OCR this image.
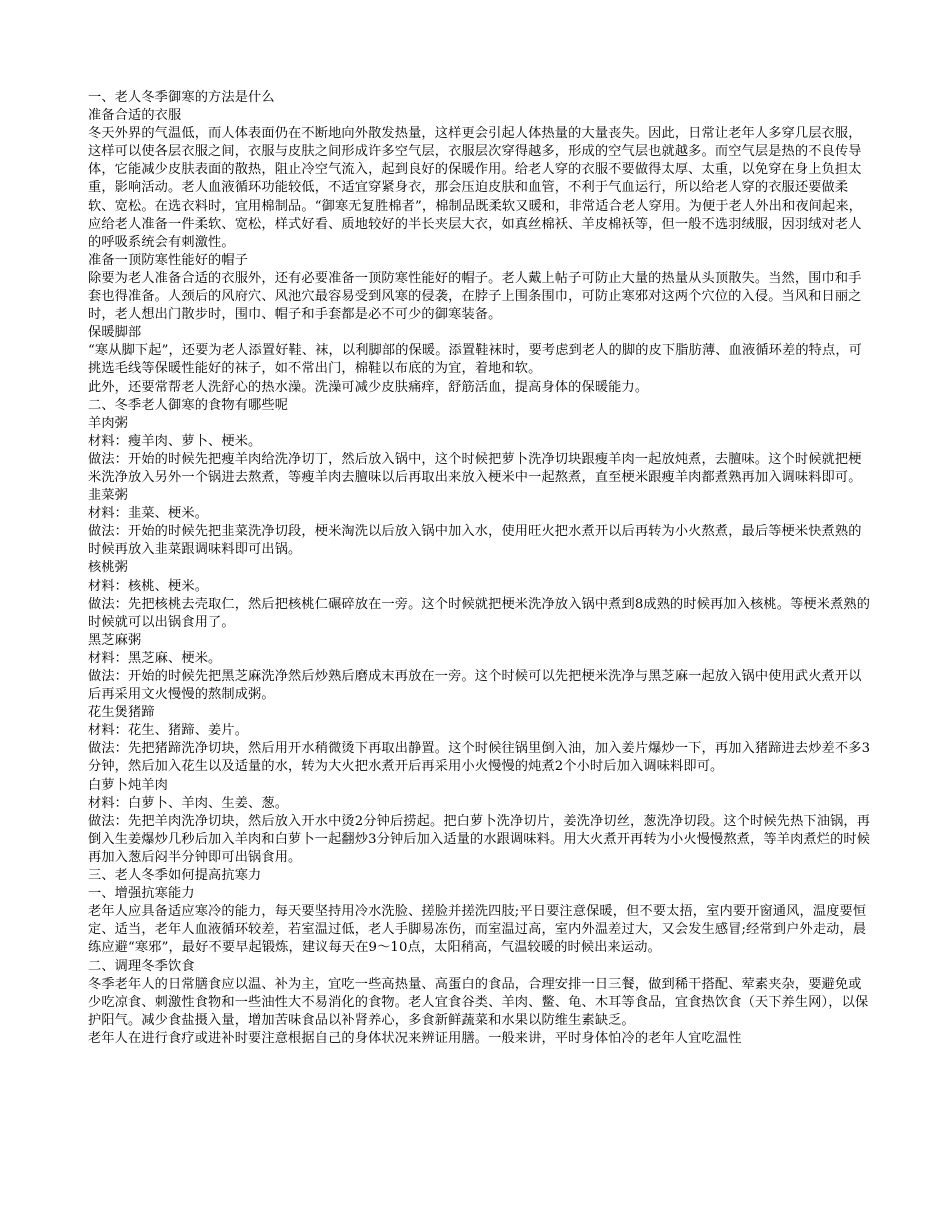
一、老人冬季御寒的方法是什么

准备合适的衣服

冬天外界的气温低，而人体表面仍在不断地向外散发热量，这样更会引起人体热量的大量丧失。因此，日常让老年人多穿几层衣服，这样可以使各层衣服之间，衣服与皮肤之间形成许多空气层，衣服层次穿得越多，形成的空气层也就越多。而空气层是热的不良传导体，它能减少皮肤表面的散热，阻止冷空气流入，起到良好的保暖作用。给老人穿的衣服不要做得太厚、太重，以免穿在身上负担太重，影响活动。老人血液循环功能较低，不适宜穿紧身衣，那会压迫皮肤和血管，不利于气血运行，所以给老人穿的衣服还要做柔软、宽松。在选衣料时，宜用棉制品。“御寒无复胜棉者”，棉制品既柔软又暖和，非常适合老人穿用。为便于老人外出和夜间起来，应给老人准备一件柔软、宽松，样式好看、质地较好的半长夹层大衣，如真丝棉袄、羊皮棉袄等，但一般不选羽绒服，因羽绒对老人的呼吸系统会有刺激性。

准备一顶防寒性能好的帽子

除要为老人准备合适的衣服外，还有必要准备一顶防寒性能好的帽子。老人戴上帖子可防止大量的热量从头顶散失。当然，围巾和手套也得准备。人颈后的风府穴、风池穴最容易受到风寒的侵袭，在脖子上围条围巾，可防止寒邪对这两个穴位的入侵。当风和日丽之时，老人想出门散步时，围巾、帽子和手套都是必不可少的御寒装备。

保暖脚部

“寒从脚下起”，还要为老人添置好鞋、袜，以利脚部的保暖。添置鞋袜时，要考虑到老人的脚的皮下脂肪薄、血液循环差的特点，可挑选毛线等保暖性能好的袜子，如不常出门，棉鞋以布底的为宜，着地和软。

此外，还要常帮老人洗舒心的热水澡。洗澡可减少皮肤痛痒，舒筋活血，提高身体的保暖能力。

二、冬季老人御寒的食物有哪些呢

羊肉粥

材料：瘦羊肉、萝卜、梗米。

做法：开始的时候先把瘦羊肉给洗净切丁，然后放入锅中，这个时候把萝卜洗净切块跟瘦羊肉一起放炖煮，去膻味。这个时候就把梗米洗净放入另外一个锅进去熬煮，等瘦羊肉去膻味以后再取出来放入梗米中一起熬煮，直至梗米跟瘦羊肉都煮熟再加入调味料即可。

韭菜粥

材料：韭菜、梗米。

做法：开始的时候先把韭菜洗净切段，梗米淘洗以后放入锅中加入水，使用旺火把水煮开以后再转为小火熬煮，最后等梗米快煮熟的时候再放入韭菜跟调味料即可出锅。

核桃粥

材料：核桃、梗米。

做法：先把核桃去壳取仁，然后把核桃仁碾碎放在一旁。这个时候就把梗米洗净放入锅中煮到8成熟的时候再加入核桃。等梗米煮熟的时候就可以出锅食用了。

黑芝麻粥

材料：黑芝麻、梗米。

做法：开始的时候先把黑芝麻洗净然后炒熟后磨成末再放在一旁。这个时候可以先把梗米洗净与黑芝麻一起放入锅中使用武火煮开以后再采用文火慢慢的熬制成粥。

花生煲猪蹄

材料：花生、猪蹄、姜片。

做法：先把猪蹄洗净切块，然后用开水稍微烫下再取出静置。这个时候往锅里倒入油，加入姜片爆炒一下，再加入猪蹄进去炒差不多3分钟，然后加入花生以及适量的水，转为大火把水煮开后再采用小火慢慢的炖煮2个小时后加入调味料即可。

白萝卜炖羊肉

材料：白萝卜、羊肉、生姜、葱。

做法：先把羊肉洗净切块，然后放入开水中烫2分钟后捞起。把白萝卜洗净切片，姜洗净切丝，葱洗净切段。这个时候先热下油锅，再倒入生姜爆炒几秒后加入羊肉和白萝卜一起翻炒3分钟后加入适量的水跟调味料。用大火煮开再转为小火慢慢熬煮，等羊肉煮烂的时候再加入葱后闷半分钟即可出锅食用。

三、老人冬季如何提高抗寒力

一、增强抗寒能力

老年人应具备适应寒冷的能力，每天要坚持用冷水洗脸、搓脸并搓洗四肢;平日要注意保暖，但不要太捂，室内要开窗通风，温度要恒定、适当，老年人血液循环较差，若室温过低，老人手脚易冻伤，而室温过高，室内外温差过大，又会发生感冒;经常到户外走动，晨练应避“寒邪”，最好不要早起锻炼，建议每天在9～10点，太阳稍高，气温较暖的时候出来运动。

二、调理冬季饮食

冬季老年人的日常膳食应以温、补为主，宜吃一些高热量、高蛋白的食品，合理安排一日三餐，做到稀干搭配、荤素夹杂，要避免或少吃凉食、刺激性食物和一些油性大不易消化的食物。老人宜食谷类、羊肉、鳖、龟、木耳等食品，宜食热饮食（天下养生网），以保护阳气。减少食盐摄入量，增加苦味食品以补肾养心，多食新鲜蔬菜和水果以防维生素缺乏。

老年人在进行食疗或进补时要注意根据自己的身体状况来辨证用膳。一般来讲，平时身体怕冷的老年人宜吃温性
